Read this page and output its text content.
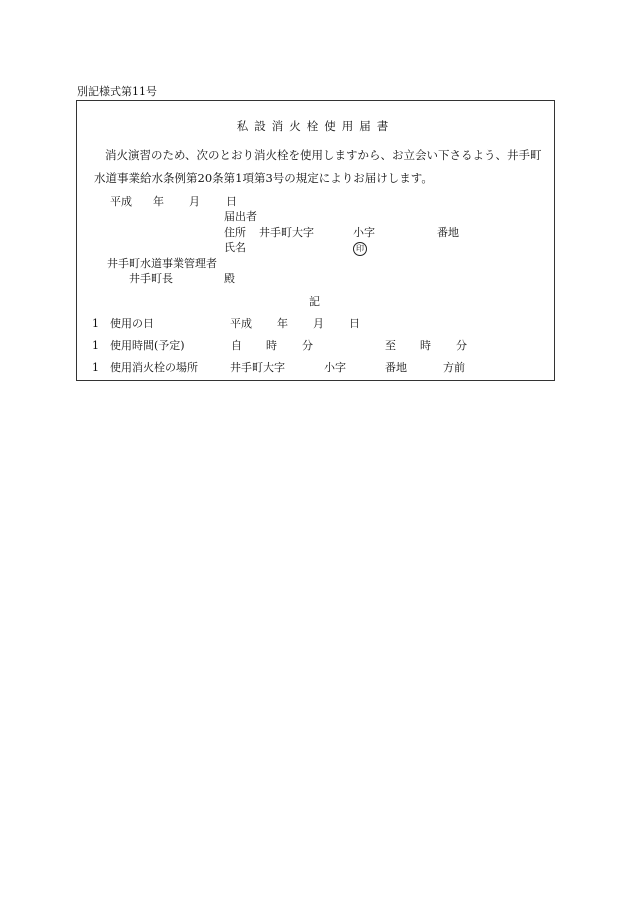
別記様式第11号
私設消火栓使用届書
消火演習のため、次のとおり消火栓を使用しますから、お立会い下さるよう、井手町
水道事業給水条例第20条第1項第3号の規定によりお届けします。
平成 年 月 日
届出者
住所 井手町大字	小字	番地
氏名	印
井手町水道事業管理者
井手町長	殿
記
1 使用の日	平成 年 月 日
1 使用時間(予定)	自 時 分	至 時 分
1 使用消火栓の場所	井手町大字	小字	番地	方前
